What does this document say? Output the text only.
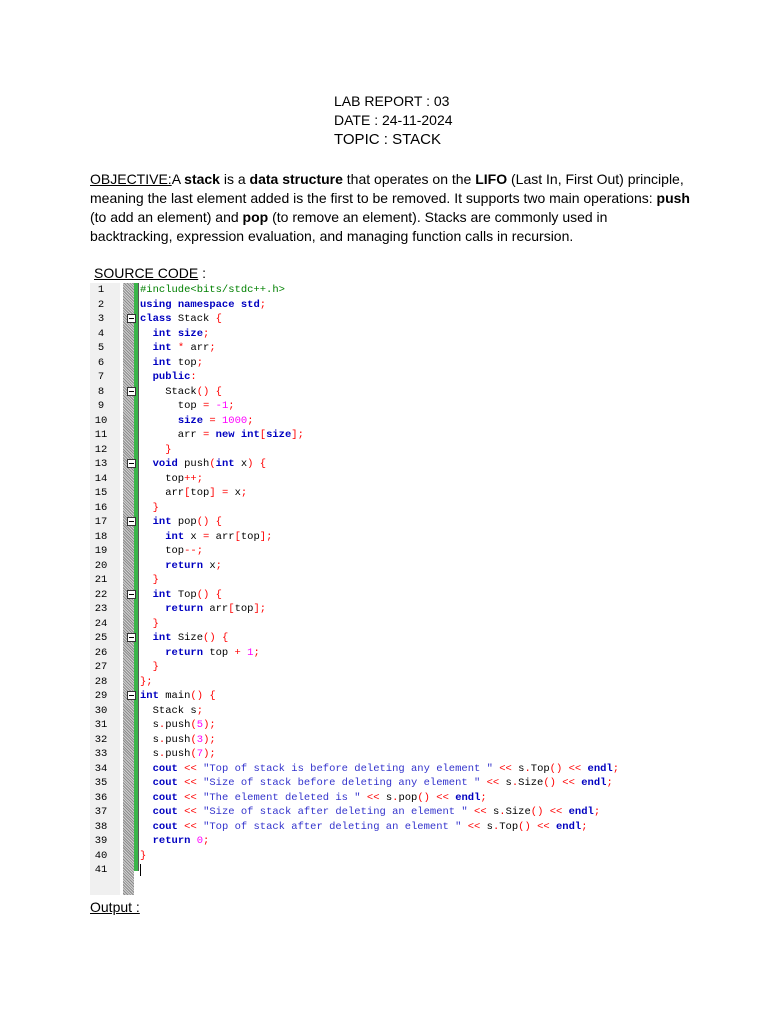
LAB REPORT : 03
DATE : 24-11-2024
TOPIC : STACK
OBJECTIVE:A stack is a data structure that operates on the LIFO (Last In, First Out) principle, meaning the last element added is the first to be removed. It supports two main operations: push (to add an element) and pop (to remove an element). Stacks are commonly used in backtracking, expression evaluation, and managing function calls in recursion.
SOURCE CODE :
1	#include<bits/stdc++.h>
2	using namespace std;
3	class Stack {
4	int size;
5	int * arr;
6	int top;
7	public:
8	Stack() {
9	top = -1;
10	size = 1000;
11	arr = new int[size];
12	}
13	void push(int x) {
14	top++;
15	arr[top] = x;
16	}
17	int pop() {
18	int x = arr[top];
19	top--;
20	return x;
21	}
22	int Top() {
23	return arr[top];
24	}
25	int Size() {
26	return top + 1;
27	}
28	};
29	int main() {
30	Stack s;
31	s.push(5);
32	s.push(3);
33	s.push(7);
34	cout << "Top of stack is before deleting any element " << s.Top() << endl;
35	cout << "Size of stack before deleting any element " << s.Size() << endl;
36	cout << "The element deleted is " << s.pop() << endl;
37	cout << "Size of stack after deleting an element " << s.Size() << endl;
38	cout << "Top of stack after deleting an element " << s.Top() << endl;
39	return 0;
40	}
41
Output :
